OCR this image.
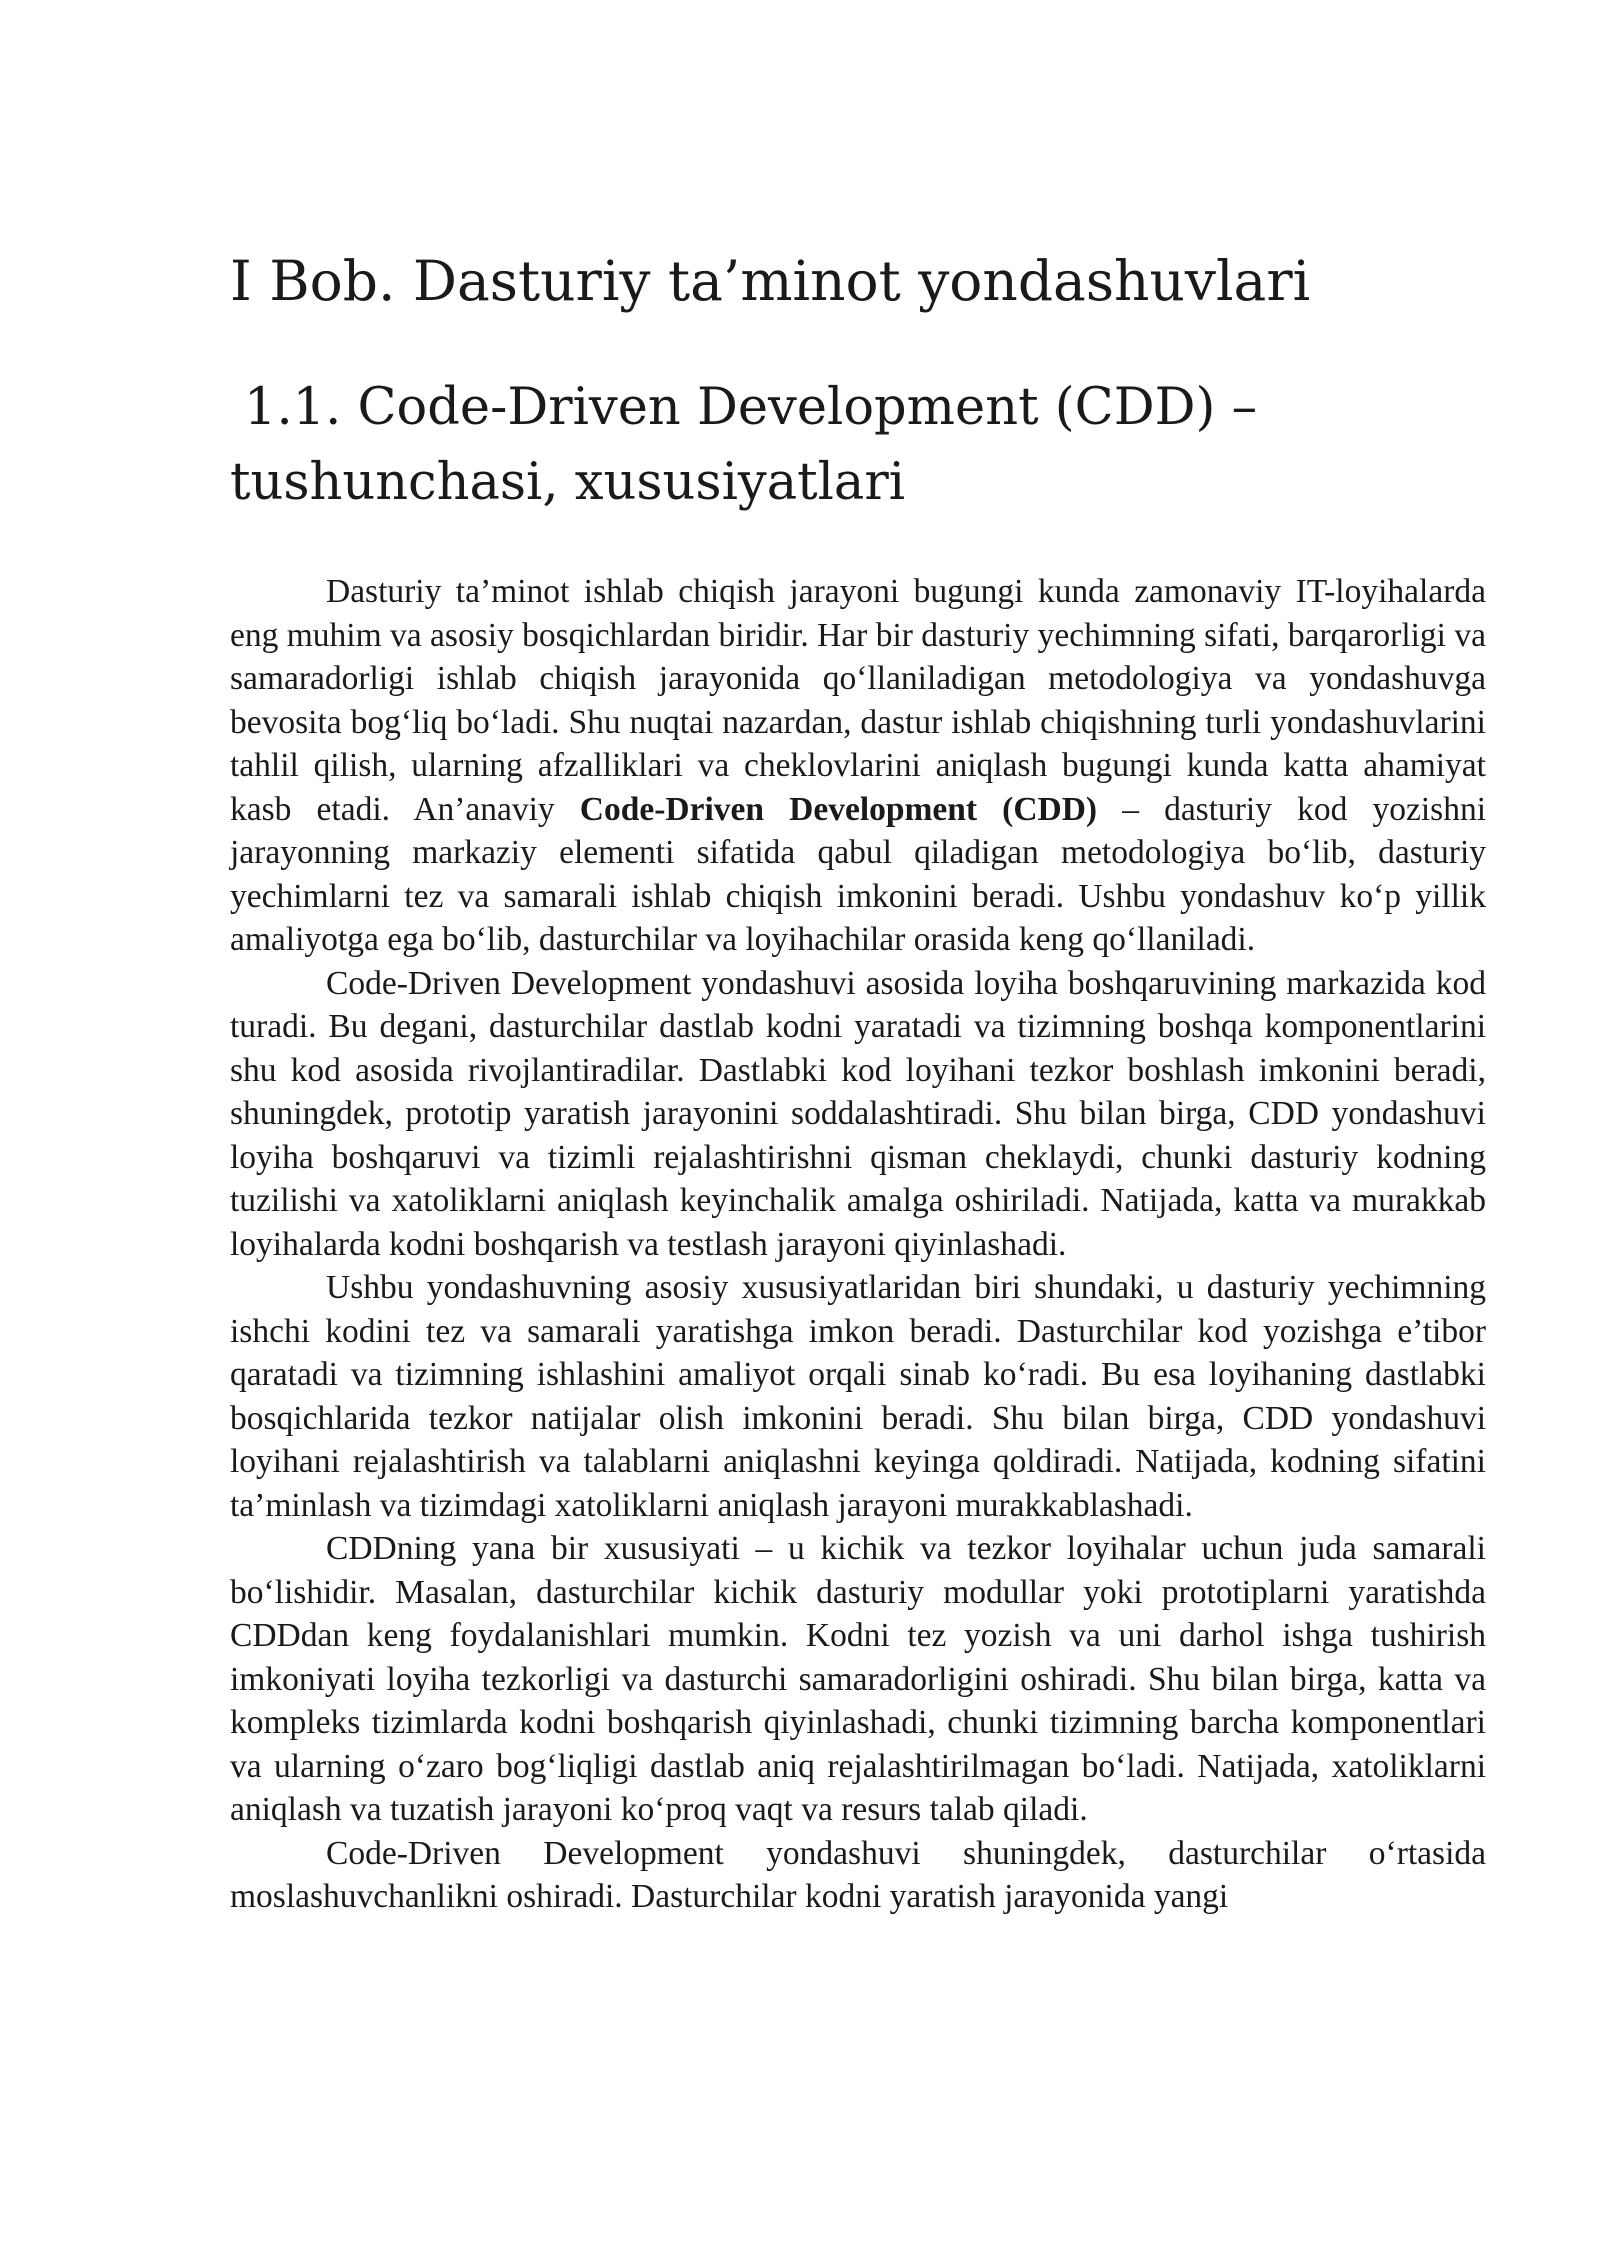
I Bob. Dasturiy ta’minot yondashuvlari
1.1. Code-Driven Development (CDD) –
tushunchasi, xususiyatlari

Dasturiy ta’minot ishlab chiqish jarayoni bugungi kunda zamonaviy IT-loyihalarda eng muhim va asosiy bosqichlardan biridir. Har bir dasturiy yechimning sifati, barqarorligi va samaradorligi ishlab chiqish jarayonida qo‘llaniladigan metodologiya va yondashuvga bevosita bog‘liq bo‘ladi. Shu nuqtai nazardan, dastur ishlab chiqishning turli yondashuvlarini tahlil qilish, ularning afzalliklari va cheklovlarini aniqlash bugungi kunda katta ahamiyat kasb etadi. An’anaviy Code-Driven Development (CDD) – dasturiy kod yozishni jarayonning markaziy elementi sifatida qabul qiladigan metodologiya bo‘lib, dasturiy yechimlarni tez va samarali ishlab chiqish imkonini beradi. Ushbu yondashuv ko‘p yillik amaliyotga ega bo‘lib, dasturchilar va loyihachilar orasida keng qo‘llaniladi.

Code-Driven Development yondashuvi asosida loyiha boshqaruvining markazida kod turadi. Bu degani, dasturchilar dastlab kodni yaratadi va tizimning boshqa komponentlarini shu kod asosida rivojlantiradilar. Dastlabki kod loyihani tezkor boshlash imkonini beradi, shuningdek, prototip yaratish jarayonini soddalashtiradi. Shu bilan birga, CDD yondashuvi loyiha boshqaruvi va tizimli rejalashtirishni qisman cheklaydi, chunki dasturiy kodning tuzilishi va xatoliklarni aniqlash keyinchalik amalga oshiriladi. Natijada, katta va murakkab loyihalarda kodni boshqarish va testlash jarayoni qiyinlashadi.

Ushbu yondashuvning asosiy xususiyatlaridan biri shundaki, u dasturiy yechimning ishchi kodini tez va samarali yaratishga imkon beradi. Dasturchilar kod yozishga e’tibor qaratadi va tizimning ishlashini amaliyot orqali sinab ko‘radi. Bu esa loyihaning dastlabki bosqichlarida tezkor natijalar olish imkonini beradi. Shu bilan birga, CDD yondashuvi loyihani rejalashtirish va talablarni aniqlashni keyinga qoldiradi. Natijada, kodning sifatini ta’minlash va tizimdagi xatoliklarni aniqlash jarayoni murakkablashadi.

CDDning yana bir xususiyati – u kichik va tezkor loyihalar uchun juda samarali bo‘lishidir. Masalan, dasturchilar kichik dasturiy modullar yoki prototiplarni yaratishda CDDdan keng foydalanishlari mumkin. Kodni tez yozish va uni darhol ishga tushirish imkoniyati loyiha tezkorligi va dasturchi samaradorligini oshiradi. Shu bilan birga, katta va kompleks tizimlarda kodni boshqarish qiyinlashadi, chunki tizimning barcha komponentlari va ularning o‘zaro bog‘liqligi dastlab aniq rejalashtirilmagan bo‘ladi. Natijada, xatoliklarni aniqlash va tuzatish jarayoni ko‘proq vaqt va resurs talab qiladi.

Code-Driven Development yondashuvi shuningdek, dasturchilar o‘rtasida moslashuvchanlikni oshiradi. Dasturchilar kodni yaratish jarayonida yangi
